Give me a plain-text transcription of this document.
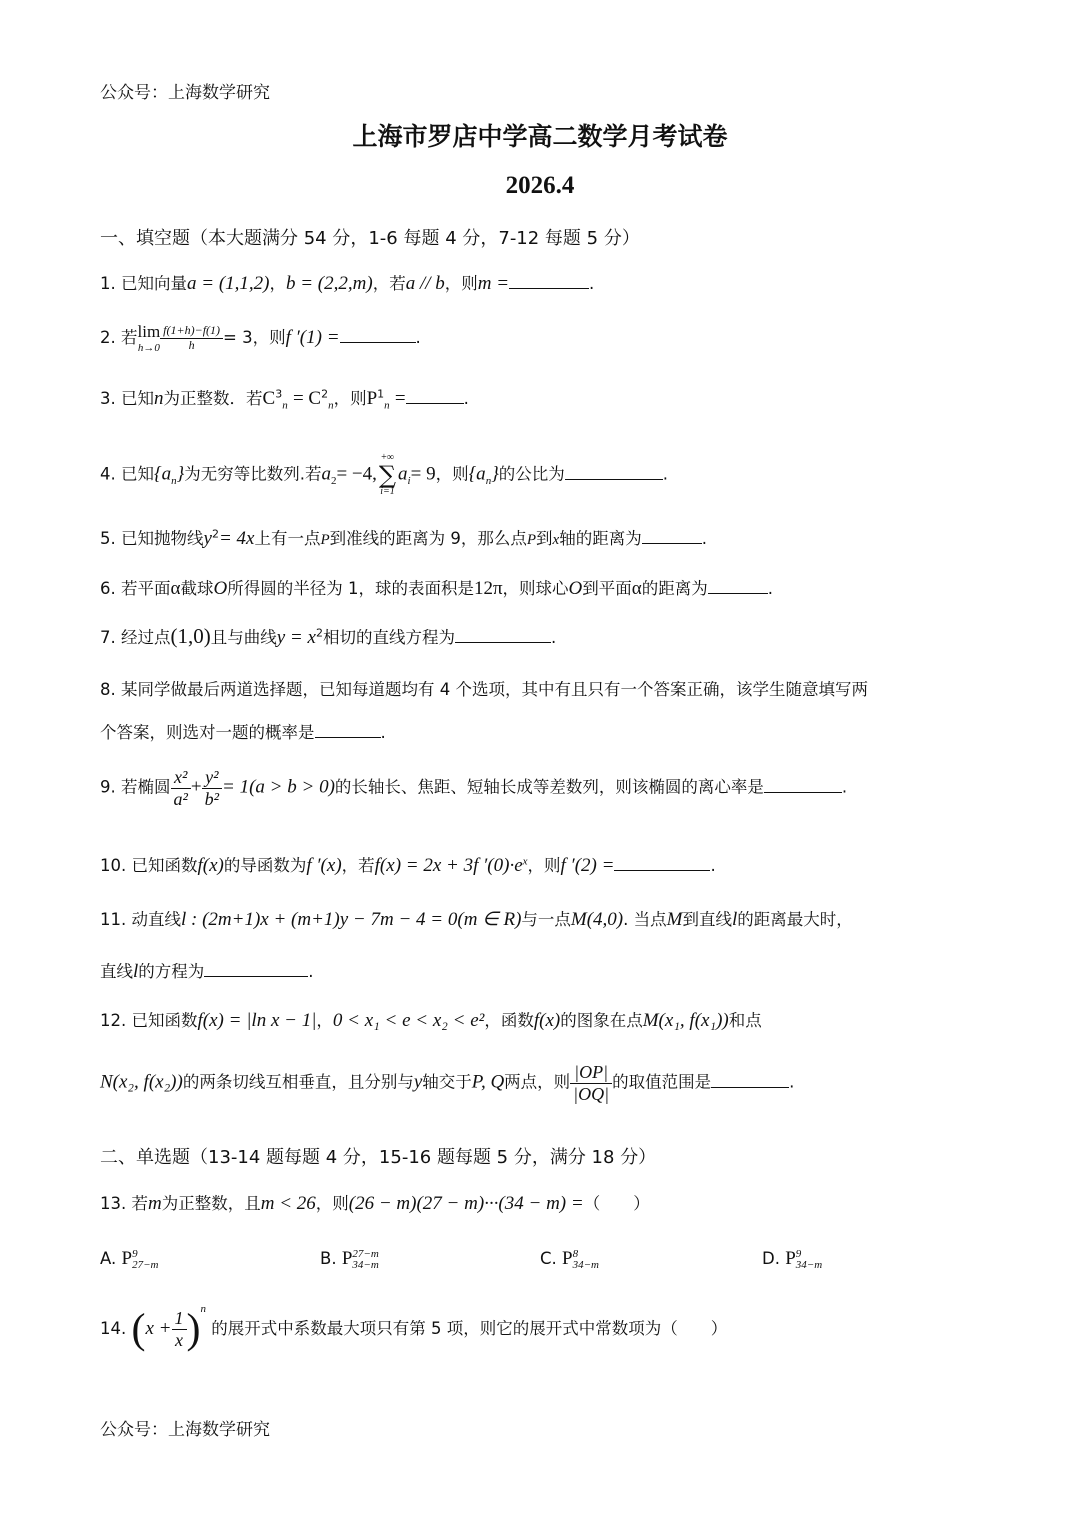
公众号：上海数学研究
上海市罗店中学高二数学月考试卷
2026.4
一、填空题（本大题满分 54 分，1-6 每题 4 分，7-12 每题 5 分）
1. 已知向量a = (1,1,2)，b = (2,2,m)，若a // b，则m =	.
2. 若 lim
$h\to 0 \frac{f(1+h)-f(1)}{h} = 3$，则f ′(1) =	.
3. 已知n为正整数．若$C^3_n = C^2_n$，则$P^1_n$ =	.
4. 已知$\{a_n\}$为无穷等比数列.若$a_2= -4$,
+∞
∑
i=1
$a_i= 9$，则$\{a_n\}$的公比为	.
5. 已知抛物线$y^2= 4x$上有一点P到准线的距离为 9，那么点P到x轴的距离为	.
6. 若平面α截球O所得圆的半径为 1，球的表面积是12π，则球心O到平面α的距离为	.
7. 经过点(1,0)且与曲线$y = x^2$相切的直线方程为	.
8. 某同学做最后两道选择题，已知每道题均有 4 个选项，其中有且只有一个答案正确，该学生随意填写两
个答案，则选对一题的概率是	.
9. 若椭圆 $\frac{\text{x²}}{\text{a²}} + \frac{\text{y²}}{\text{b²}} = 1(a > b > 0)$的长轴长、焦距、短轴长成等差数列，则该椭圆的离心率是	.
10. 已知函数f(x)的导函数为f ′(x)，若f(x) = 2x + 3f $'(0)\cdot e^x$，则f ′(2) =	.
11. 动直线l : (2m+1)x + (m+1)y − 7m − 4 = 0(m ∈ R)与一点M(4,0). 当点M到直线l的距离最大时，
直线l的方程为	.
12. 已知函数f(x) = |ln x − 1|，0 < x₁ < e < x₂ < e²，函数f(x)的图象在点M(x₁, f(x₁))和点
N(x₂, f(x₂))的两条切线互相垂直，且分别与y轴交于P, Q两点，则 $\frac{|OP|}{|OQ|}$ 的取值范围是	.
二、单选题（13-14 题每题 4 分，15-16 题每题 5 分，满分 18 分）
13. 若m为正整数，且m < 26，则(26 − m)(27 − m)···(34 − m) =（　　）
A. P 9
27−m	B. P 27−m
34−m	C. P 8
34−m	D. P 9
34−m
14. $(x + \frac{1}{x} )^n$ 的展开式中系数最大项只有第 5 项，则它的展开式中常数项为（　　）
公众号：上海数学研究
